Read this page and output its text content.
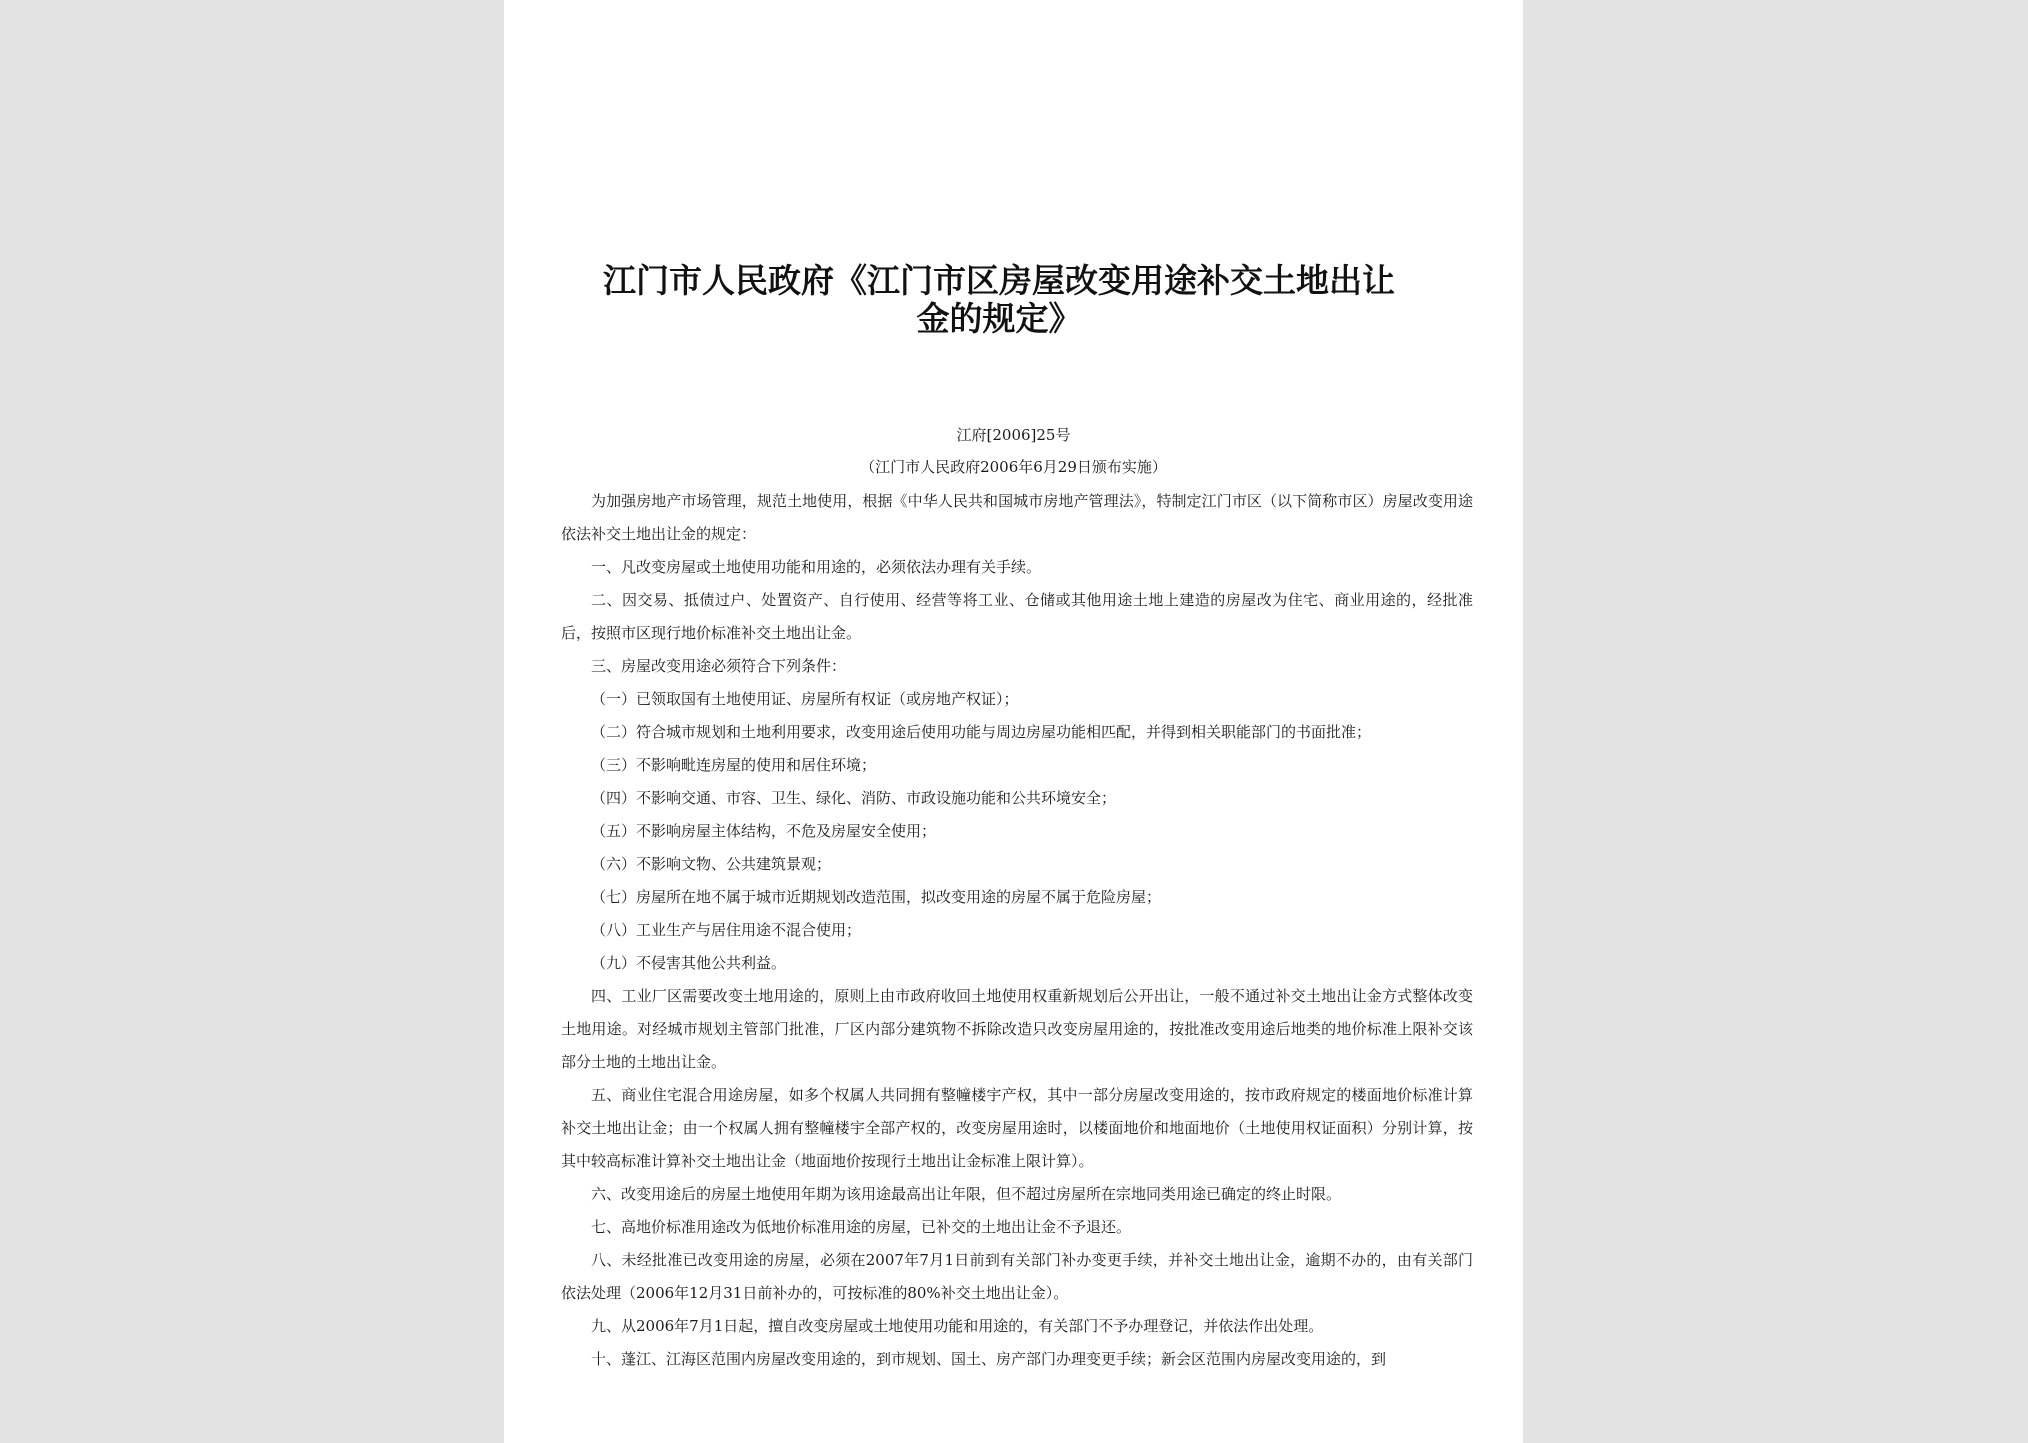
江门市人民政府《江门市区房屋改变用途补交土地出让金的规定》
江府[2006]25号
（江门市人民政府2006年6月29日颁布实施）

为加强房地产市场管理，规范土地使用，根据《中华人民共和国城市房地产管理法》，特制定江门市区（以下简称市区）房屋改变用途依法补交土地出让金的规定：

一、凡改变房屋或土地使用功能和用途的，必须依法办理有关手续。

二、因交易、抵债过户、处置资产、自行使用、经营等将工业、仓储或其他用途土地上建造的房屋改为住宅、商业用途的，经批准后，按照市区现行地价标准补交土地出让金。

三、房屋改变用途必须符合下列条件：

（一）已领取国有土地使用证、房屋所有权证（或房地产权证）；

（二）符合城市规划和土地利用要求，改变用途后使用功能与周边房屋功能相匹配，并得到相关职能部门的书面批准；

（三）不影响毗连房屋的使用和居住环境；

（四）不影响交通、市容、卫生、绿化、消防、市政设施功能和公共环境安全；

（五）不影响房屋主体结构，不危及房屋安全使用；

（六）不影响文物、公共建筑景观；

（七）房屋所在地不属于城市近期规划改造范围，拟改变用途的房屋不属于危险房屋；

（八）工业生产与居住用途不混合使用；

（九）不侵害其他公共利益。

四、工业厂区需要改变土地用途的，原则上由市政府收回土地使用权重新规划后公开出让，一般不通过补交土地出让金方式整体改变土地用途。对经城市规划主管部门批准，厂区内部分建筑物不拆除改造只改变房屋用途的，按批准改变用途后地类的地价标准上限补交该部分土地的土地出让金。

五、商业住宅混合用途房屋，如多个权属人共同拥有整幢楼宇产权，其中一部分房屋改变用途的，按市政府规定的楼面地价标准计算补交土地出让金；由一个权属人拥有整幢楼宇全部产权的，改变房屋用途时，以楼面地价和地面地价（土地使用权证面积）分别计算，按其中较高标准计算补交土地出让金（地面地价按现行土地出让金标准上限计算）。

六、改变用途后的房屋土地使用年期为该用途最高出让年限，但不超过房屋所在宗地同类用途已确定的终止时限。

七、高地价标准用途改为低地价标准用途的房屋，已补交的土地出让金不予退还。

八、未经批准已改变用途的房屋，必须在2007年7月1日前到有关部门补办变更手续，并补交土地出让金，逾期不办的，由有关部门依法处理（2006年12月31日前补办的，可按标准的80%补交土地出让金）。

九、从2006年7月1日起，擅自改变房屋或土地使用功能和用途的，有关部门不予办理登记，并依法作出处理。

十、蓬江、江海区范围内房屋改变用途的，到市规划、国土、房产部门办理变更手续；新会区范围内房屋改变用途的，到
